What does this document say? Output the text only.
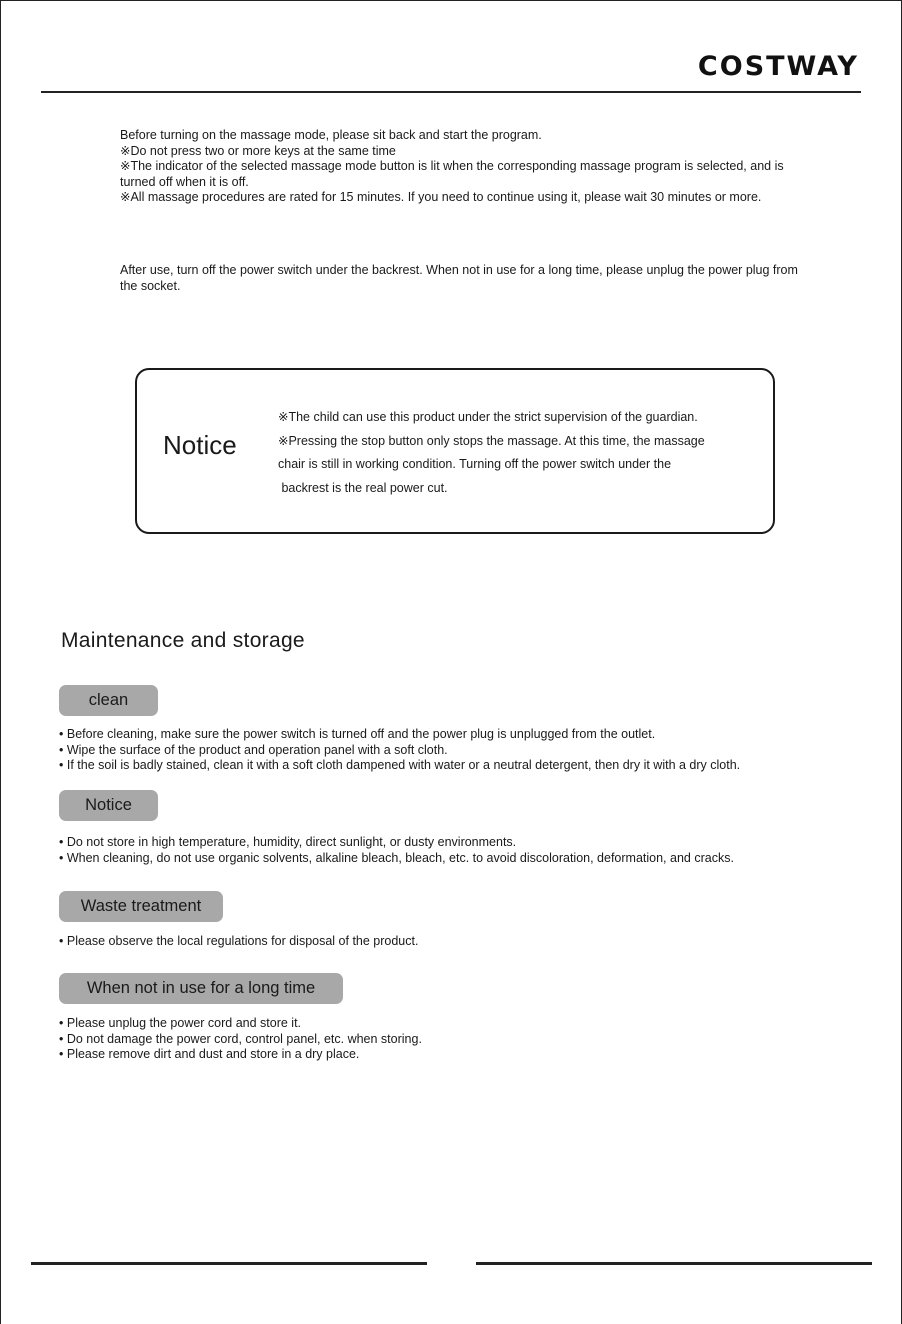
COSTWAY

Before turning on the massage mode, please sit back and start the program.

※Do not press two or more keys at the same time

※The indicator of the selected massage mode button is lit when the corresponding massage program is selected, and is turned off when it is off.

※All massage procedures are rated for 15 minutes. If you need to continue using it, please wait 30 minutes or more.

After use, turn off the power switch under the backrest. When not in use for a long time, please unplug the power plug from the socket.

Notice

※The child can use this product under the strict supervision of the guardian.

※Pressing the stop button only stops the massage. At this time, the massage

chair is still in working condition. Turning off the power switch under the

backrest is the real power cut.

Maintenance and storage
clean
• Before cleaning, make sure the power switch is turned off and the power plug is unplugged from the outlet.
• Wipe the surface of the product and operation panel with a soft cloth.
• If the soil is badly stained, clean it with a soft cloth dampened with water or a neutral detergent, then dry it with a dry cloth.
Notice
• Do not store in high temperature, humidity, direct sunlight, or dusty environments.
• When cleaning, do not use organic solvents, alkaline bleach, bleach, etc. to avoid discoloration, deformation, and cracks.
Waste treatment
• Please observe the local regulations for disposal of the product.
When not in use for a long time
• Please unplug the power cord and store it.
• Do not damage the power cord, control panel, etc. when storing.
• Please remove dirt and dust and store in a dry place.
